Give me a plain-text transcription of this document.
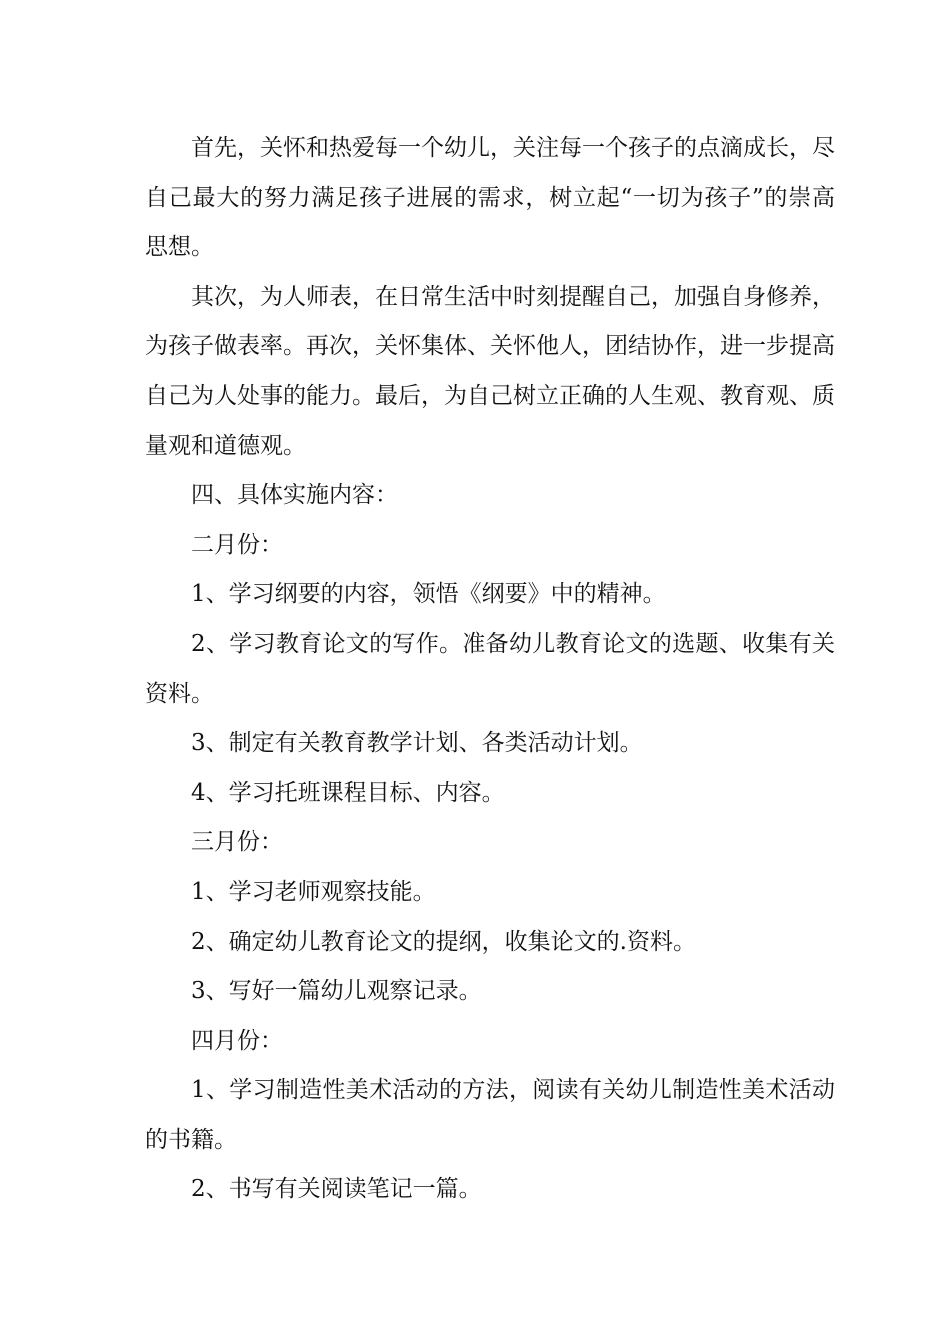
首先，关怀和热爱每一个幼儿，关注每一个孩子的点滴成长，尽自己最大的努力满足孩子进展的需求，树立起“一切为孩子”的崇高思想。

其次，为人师表，在日常生活中时刻提醒自己，加强自身修养，为孩子做表率。再次，关怀集体、关怀他人，团结协作，进一步提高自己为人处事的能力。最后，为自己树立正确的人生观、教育观、质量观和道德观。

四、具体实施内容：

二月份：

1、学习纲要的内容，领悟《纲要》中的精神。

2、学习教育论文的写作。准备幼儿教育论文的选题、收集有关资料。

3、制定有关教育教学计划、各类活动计划。

4、学习托班课程目标、内容。

三月份：

1、学习老师观察技能。

2、确定幼儿教育论文的提纲，收集论文的.资料。

3、写好一篇幼儿观察记录。

四月份：

1、学习制造性美术活动的方法，阅读有关幼儿制造性美术活动的书籍。

2、书写有关阅读笔记一篇。
